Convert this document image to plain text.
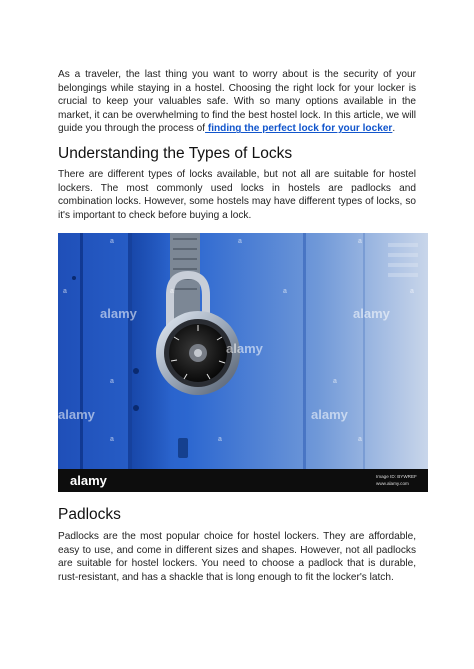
As a traveler, the last thing you want to worry about is the security of your belongings while staying in a hostel. Choosing the right lock for your locker is crucial to keep your valuables safe. With so many options available in the market, it can be overwhelming to find the best hostel lock. In this article, we will guide you through the process of finding the perfect lock for your locker.

Understanding the Types of Locks

There are different types of locks available, but not all are suitable for hostel lockers. The most commonly used locks in hostels are padlocks and combination locks. However, some hostels may have different types of locks, so it's important to check before buying a lock.

a	a	a
alamy	alamy
alamy
a	a	a	a
a	a
alamy	alamy
a	a	a
alamy	Image ID: BYWREF
www.alamy.com
Padlocks

Padlocks are the most popular choice for hostel lockers. They are affordable, easy to use, and come in different sizes and shapes. However, not all padlocks are suitable for hostel lockers. You need to choose a padlock that is durable, rust-resistant, and has a shackle that is long enough to fit the locker's latch.
